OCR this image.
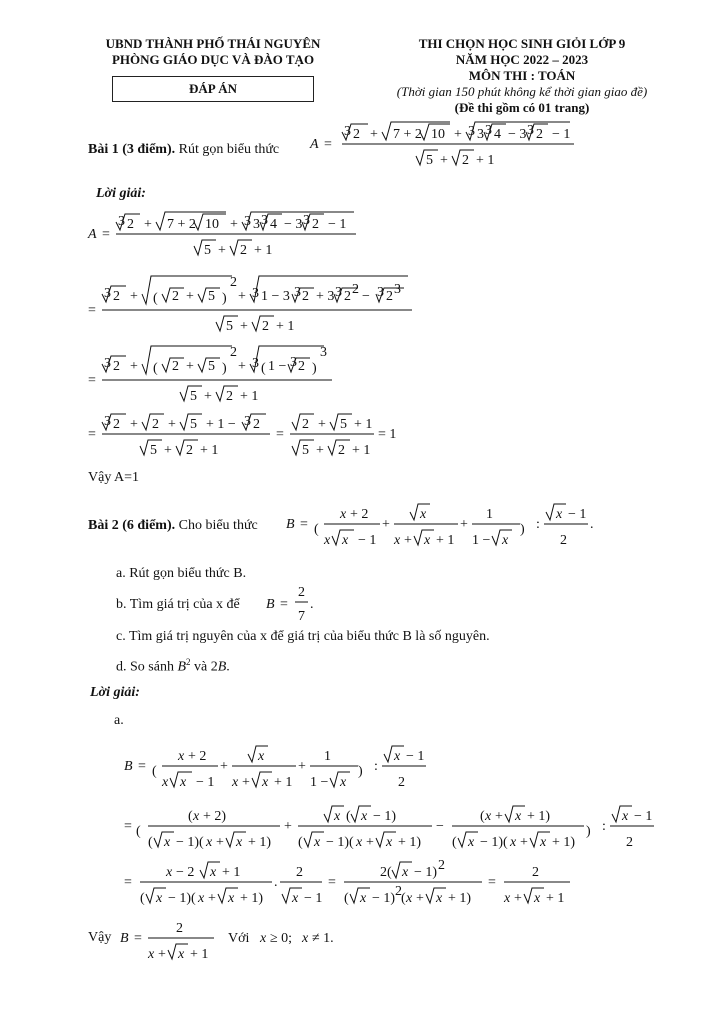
UBND THÀNH PHỐ THÁI NGUYÊN
PHÒNG GIÁO DỤC VÀ ĐÀO TẠO
ĐÁP ÁN
THI CHỌN HỌC SINH GIỎI LỚP 9
NĂM HỌC 2022 – 2023
MÔN THI : TOÁN
(Thời gian 150 phút không kể thời gian giao đề)
(Đề thi gồm có 01 trang)
Bài 1 (3 điểm). Rút gọn biểu thức A =
3 2 + 7 + 2 10 + 3 3 3 4 − 3 3 2 − 1
5 + 2 + 1
Lời giải:
A =
3 2 + 7 + 2 10 + 3 3 3 4 − 3 3 2 − 1
5 + 2 + 1
=
3 2 + ( 2 + 5 )
2
+ 3 1 − 3 3 2 + 3 3 2 2 − 3 2 3
5 + 2 + 1
=
3 2 + ( 2 + 5 )
2
+ 3 ( 1 − 3 2 )
3
5 + 2 + 1
=
3 2 + 2 + 5 + 1 − 3 2
5 + 2 + 1
=
2 + 5 + 1
5 + 2 + 1
= 1
Vậy A=1
Bài 2 (6 điểm). Cho biểu thức B = (
x + 2
x x − 1
+
x
x + x + 1
+
1
1 − x
) :
x − 1
2
.
a. Rút gọn biểu thức B.
b. Tìm giá trị của x để B =
2
7
.
c. Tìm giá trị nguyên của x để giá trị của biểu thức B là số nguyên.
d. So sánh $B^2$ và 2B.
Lời giải:
a.
B = (
x + 2
x x − 1
+
x
x + x + 1
+
1
1 − x
) :
x − 1
2
= (
( x + 2)
( x − 1)( x + x + 1)
+
x ( x − 1)
( x − 1)( x + x + 1)
−
( x + x + 1)
( x − 1)( x + x + 1)
) :
x − 1
2
=
x − 2 x + 1
( x − 1)( x + x + 1)
.
2
x − 1
=
2( x − 1) 2
( x − 1) 2 ( x + x + 1)
=
2
x + x + 1
Vậy B =
2
x + x + 1
Với x ≥ 0; x ≠ 1.
